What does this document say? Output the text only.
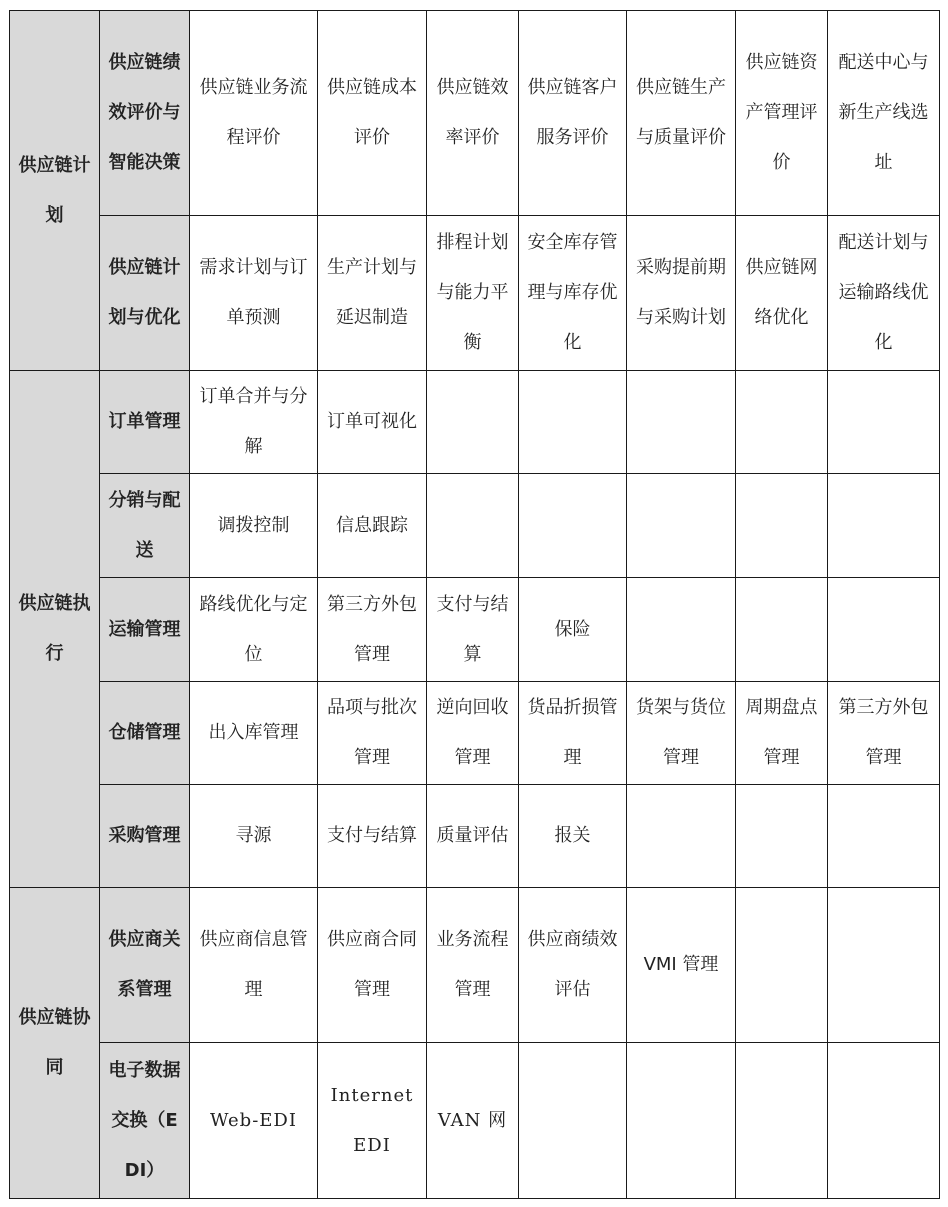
供应链计划	供应链绩效评价与智能决策	供应链业务流程评价	供应链成本评价	供应链效率评价	供应链客户服务评价	供应链生产与质量评价	供应链资产管理评价	配送中心与新生产线选址
	供应链计划与优化	需求计划与订单预测	生产计划与延迟制造	排程计划与能力平衡	安全库存管理与库存优化	采购提前期与采购计划	供应链网络优化	配送计划与运输路线优化
供应链执行	订单管理	订单合并与分解	订单可视化					
	分销与配送	调拨控制	信息跟踪					
	运输管理	路线优化与定位	第三方外包管理	支付与结算	保险			
	仓储管理	出入库管理	品项与批次管理	逆向回收管理	货品折损管理	货架与货位管理	周期盘点管理	第三方外包管理
	采购管理	寻源	支付与结算	质量评估	报关			
供应链协同	供应商关系管理	供应商信息管理	供应商合同管理	业务流程管理	供应商绩效评估	VMI 管理		
	电子数据交换（EDI）	Web-EDI	Internet EDI	VAN 网				
